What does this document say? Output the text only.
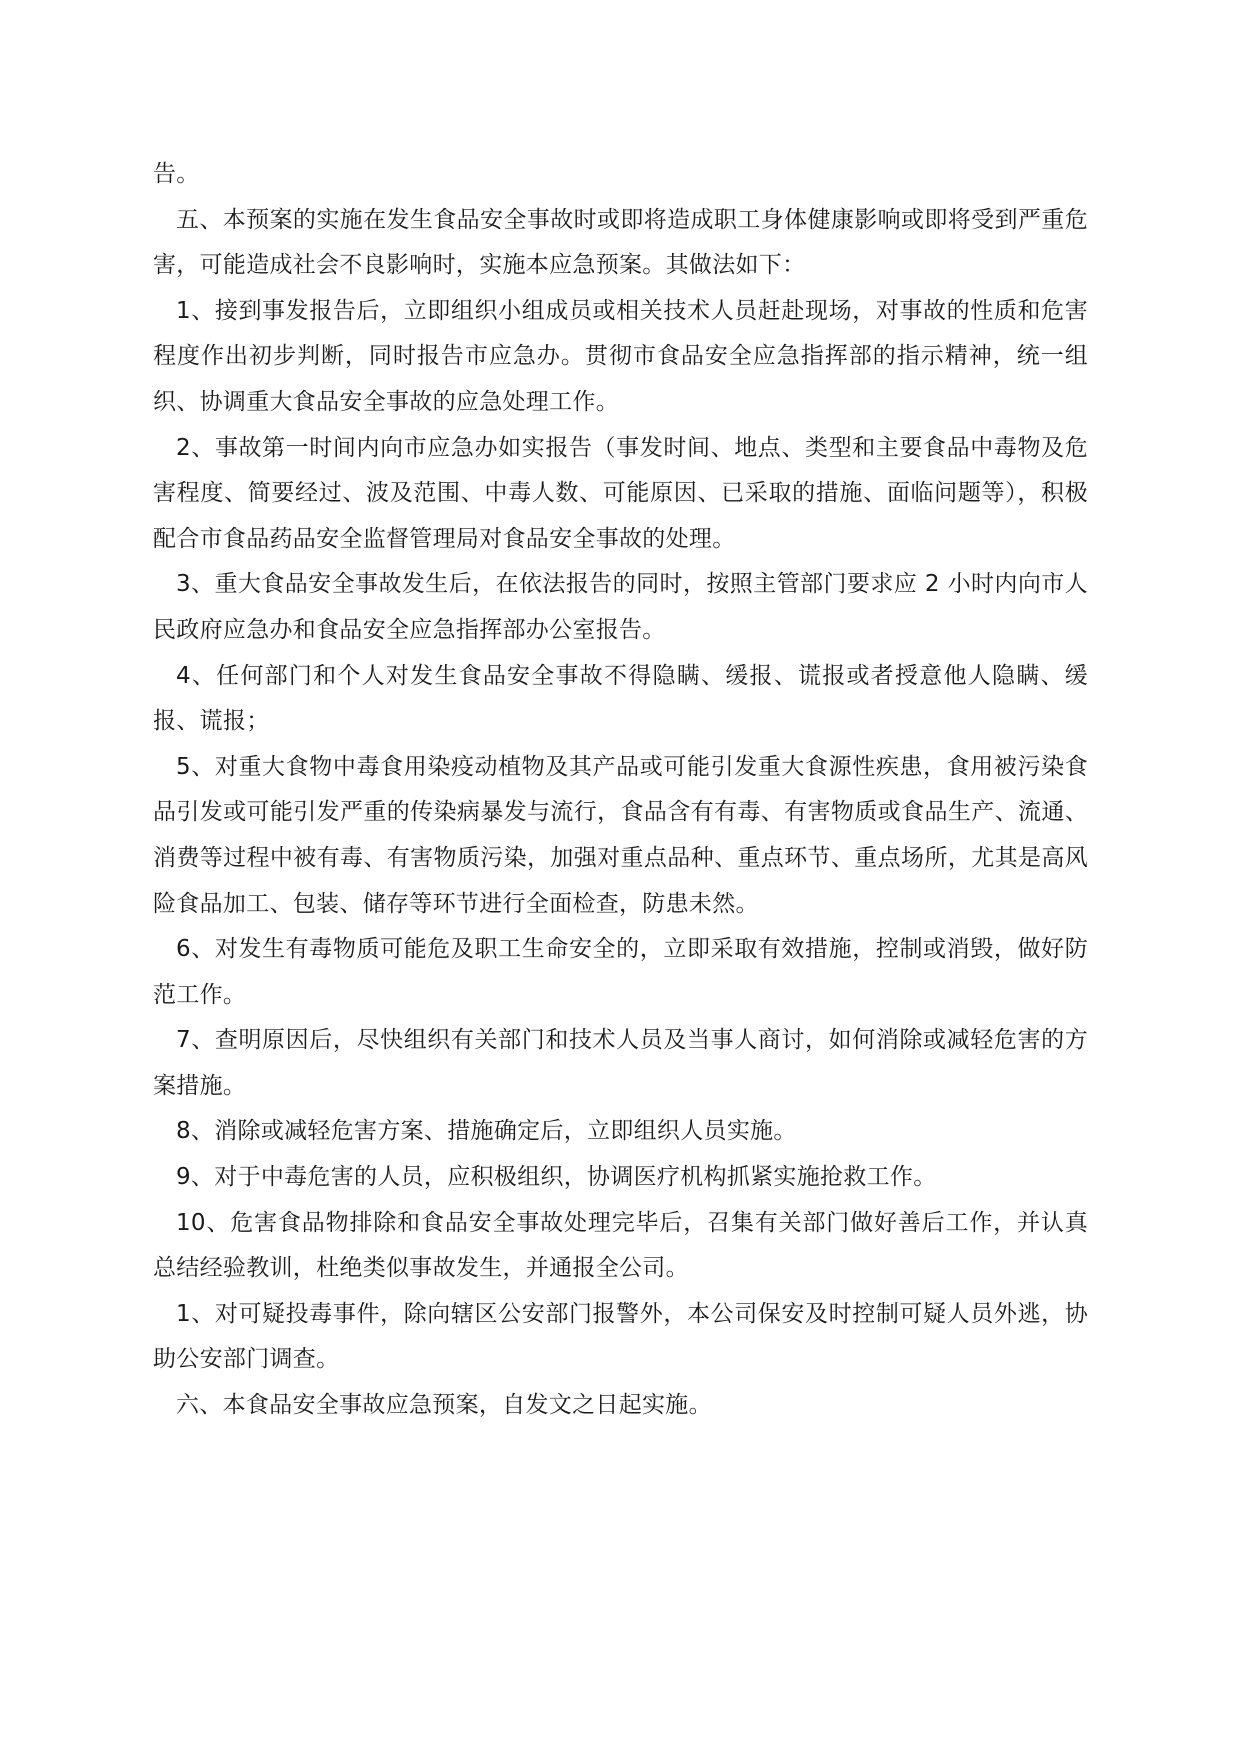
告。

五、本预案的实施在发生食品安全事故时或即将造成职工身体健康影响或即将受到严重危害，可能造成社会不良影响时，实施本应急预案。其做法如下：

1、接到事发报告后，立即组织小组成员或相关技术人员赶赴现场，对事故的性质和危害程度作出初步判断，同时报告市应急办。贯彻市食品安全应急指挥部的指示精神，统一组织、协调重大食品安全事故的应急处理工作。

2、事故第一时间内向市应急办如实报告（事发时间、地点、类型和主要食品中毒物及危害程度、简要经过、波及范围、中毒人数、可能原因、已采取的措施、面临问题等），积极配合市食品药品安全监督管理局对食品安全事故的处理。

3、重大食品安全事故发生后，在依法报告的同时，按照主管部门要求应 2 小时内向市人民政府应急办和食品安全应急指挥部办公室报告。

4、任何部门和个人对发生食品安全事故不得隐瞒、缓报、谎报或者授意他人隐瞒、缓报、谎报；

5、对重大食物中毒食用染疫动植物及其产品或可能引发重大食源性疾患，食用被污染食品引发或可能引发严重的传染病暴发与流行，食品含有有毒、有害物质或食品生产、流通、消费等过程中被有毒、有害物质污染，加强对重点品种、重点环节、重点场所，尤其是高风险食品加工、包装、储存等环节进行全面检查，防患未然。

6、对发生有毒物质可能危及职工生命安全的，立即采取有效措施，控制或消毁，做好防范工作。

7、查明原因后，尽快组织有关部门和技术人员及当事人商讨，如何消除或减轻危害的方案措施。

8、消除或减轻危害方案、措施确定后，立即组织人员实施。

9、对于中毒危害的人员，应积极组织，协调医疗机构抓紧实施抢救工作。

10、危害食品物排除和食品安全事故处理完毕后，召集有关部门做好善后工作，并认真总结经验教训，杜绝类似事故发生，并通报全公司。

1、对可疑投毒事件，除向辖区公安部门报警外，本公司保安及时控制可疑人员外逃，协助公安部门调查。

六、本食品安全事故应急预案，自发文之日起实施。
